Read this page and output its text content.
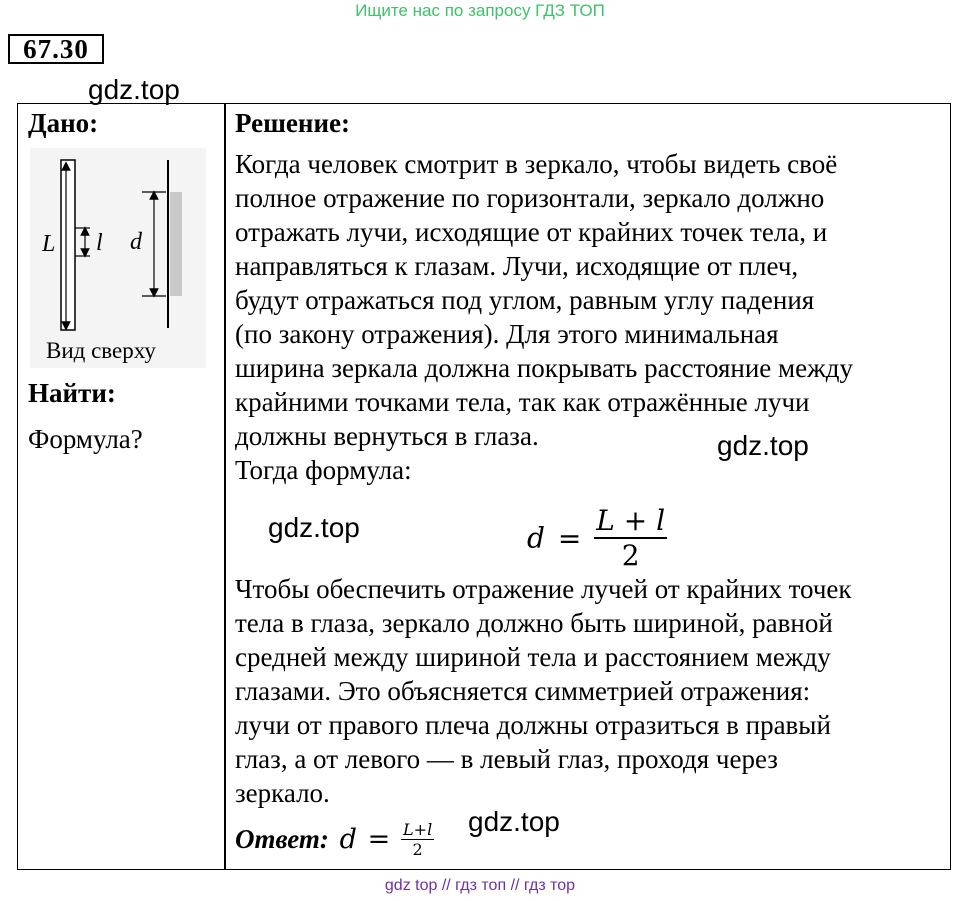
Ищите нас по запросу ГДЗ ТОП
67.30
gdz.top
Дано:
L l d
Вид сверху
Найти:
Формула?
Решение:
Когда человек смотрит в зеркало, чтобы видеть своё
полное отражение по горизонтали, зеркало должно
отражать лучи, исходящие от крайних точек тела, и
направляться к глазам. Лучи, исходящие от плеч,
будут отражаться под углом, равным углу падения
(по закону отражения). Для этого минимальная
ширина зеркала должна покрывать расстояние между
крайними точками тела, так как отражённые лучи
должны вернуться в глаза.
Тогда формула:
$d = \frac{L + l}{2}$
Чтобы обеспечить отражение лучей от крайних точек
тела в глаза, зеркало должно быть шириной, равной
средней между шириной тела и расстоянием между
глазами. Это объясняется симметрией отражения:
лучи от правого плеча должны отразиться в правый
глаз, а от левого — в левый глаз, проходя через
зеркало.
Ответ: $d = \frac{L+l}{2}$
gdz.top
gdz.top
gdz.top
gdz top // гдз топ // гдз тор
